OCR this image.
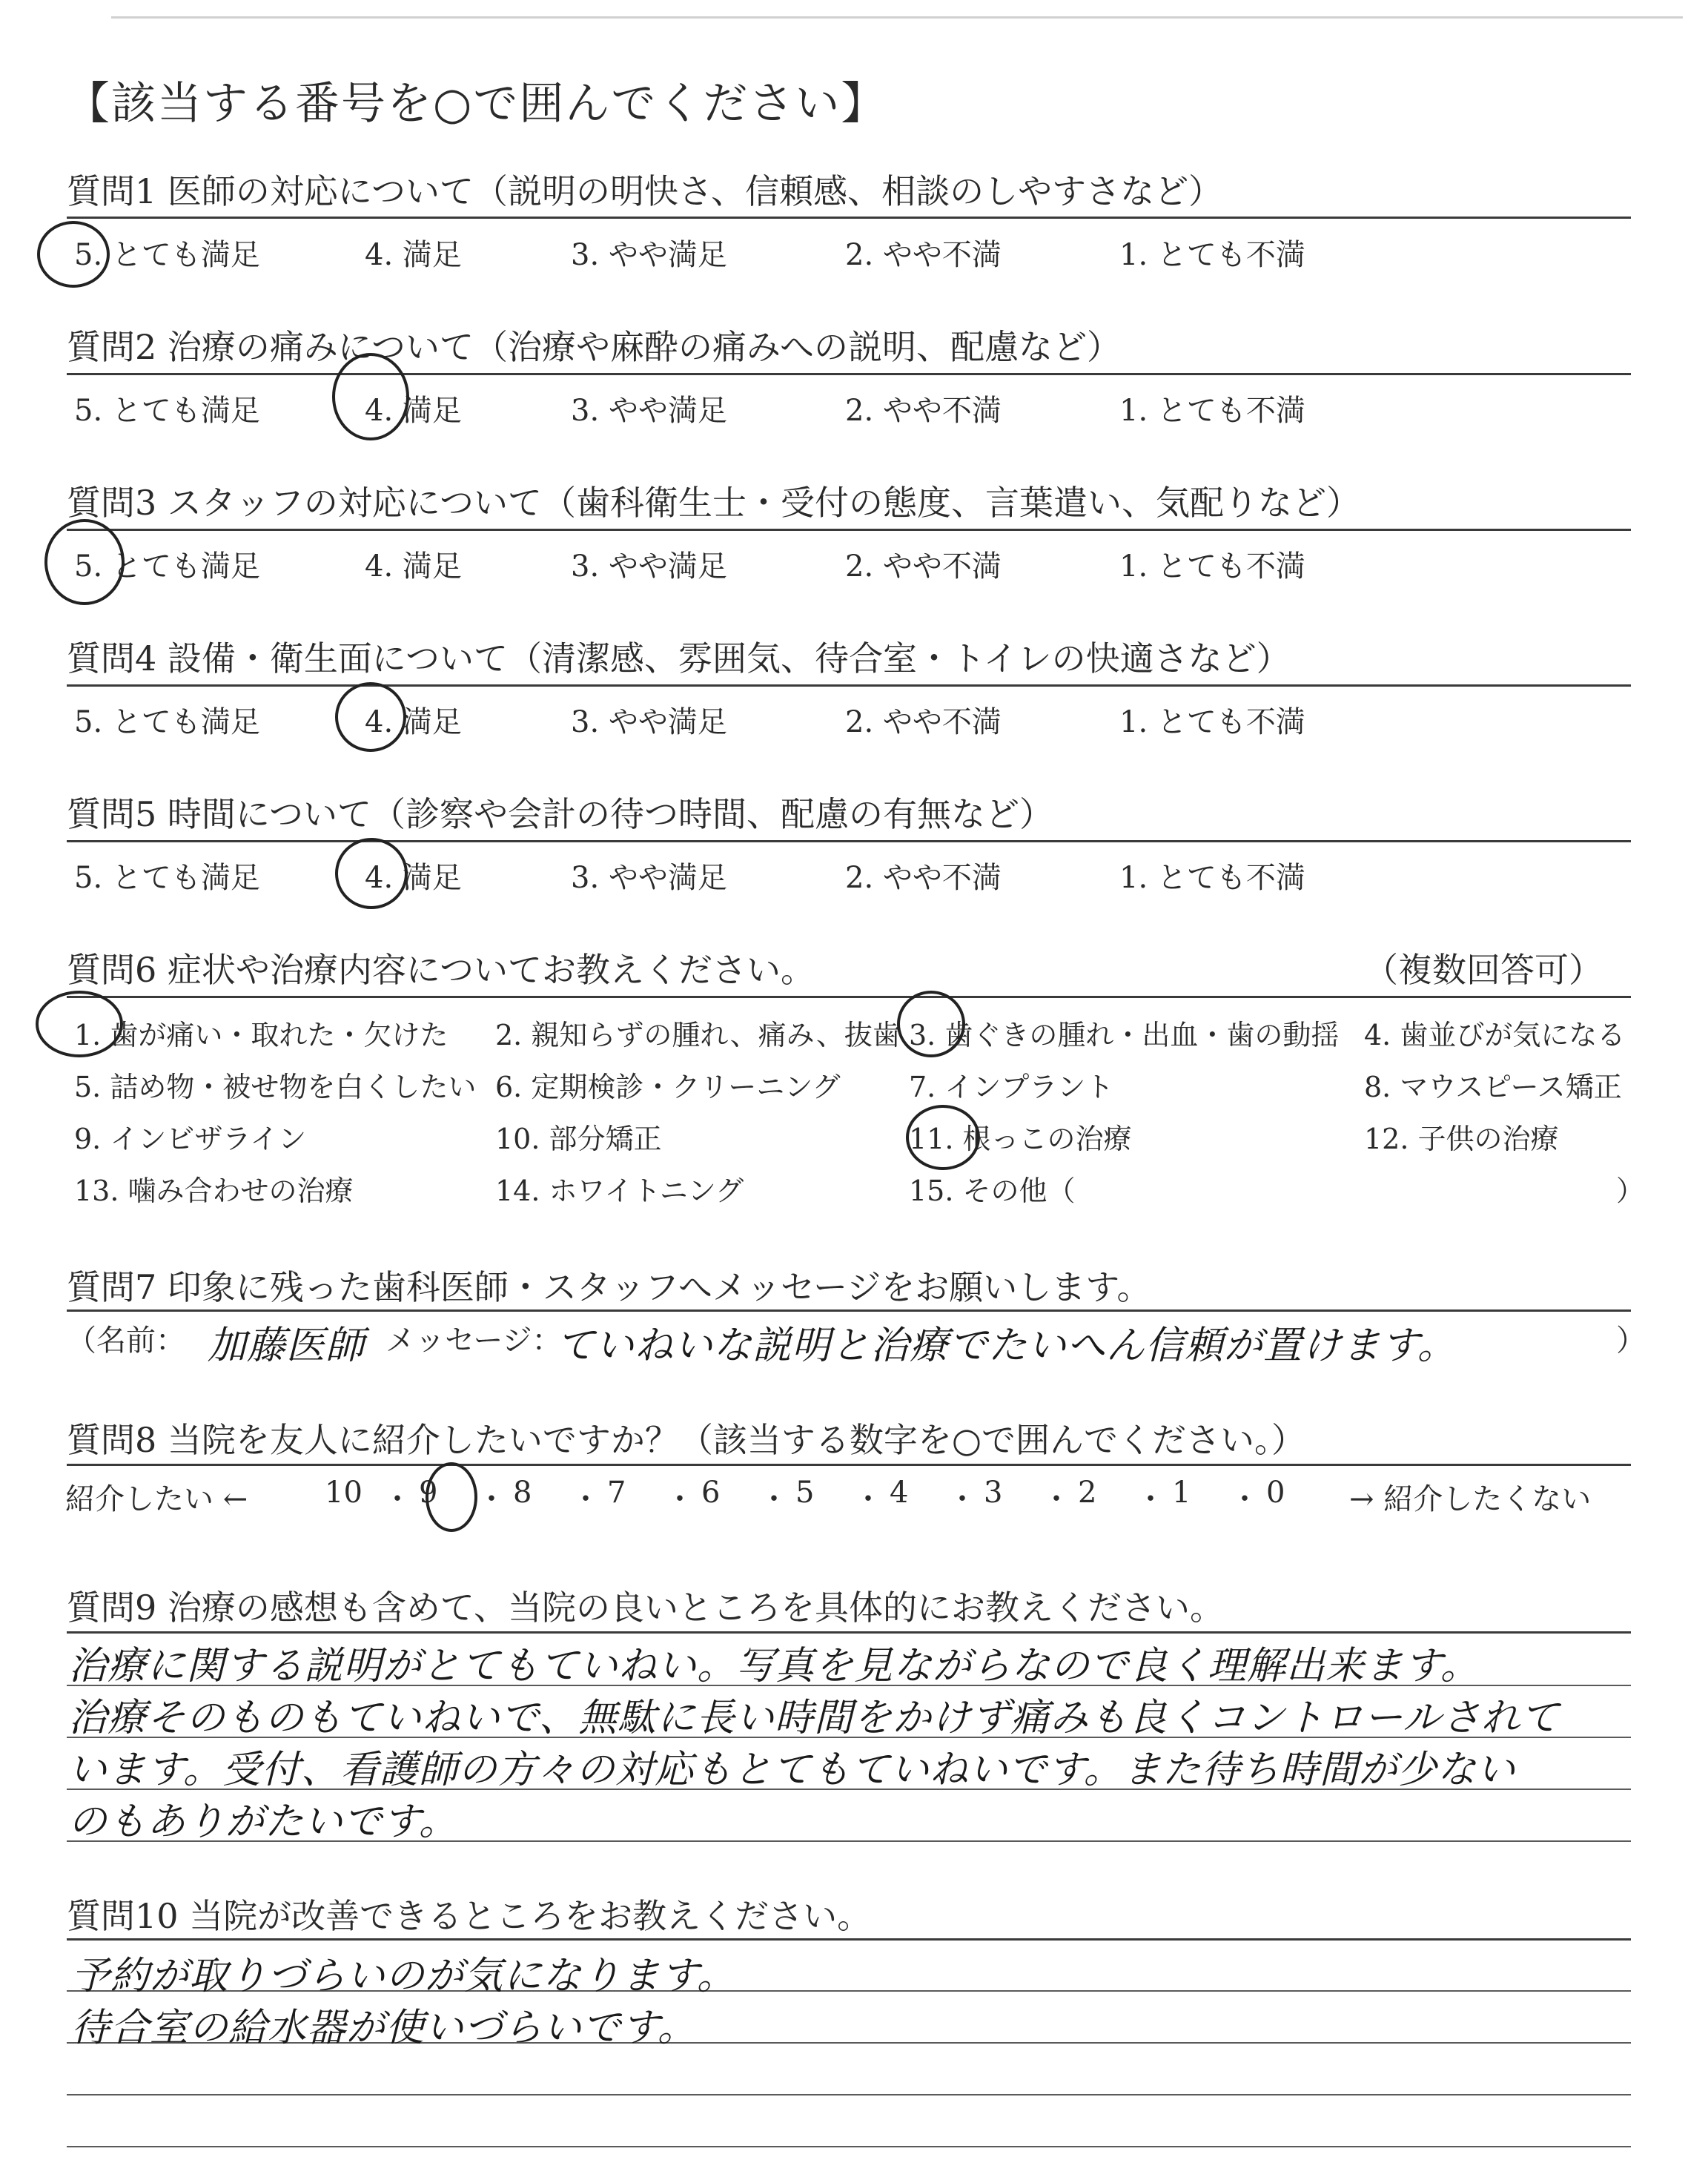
【該当する番号を○で囲んでください】
質問1 医師の対応について（説明の明快さ、信頼感、相談のしやすさなど）
5. とても満足	4. 満足	3. やや満足	2. やや不満	1. とても不満
質問2 治療の痛みについて（治療や麻酔の痛みへの説明、配慮など）
5. とても満足	4. 満足	3. やや満足	2. やや不満	1. とても不満
質問3 スタッフの対応について（歯科衛生士・受付の態度、言葉遣い、気配りなど）
5. とても満足	4. 満足	3. やや満足	2. やや不満	1. とても不満
質問4 設備・衛生面について（清潔感、雰囲気、待合室・トイレの快適さなど）
5. とても満足	4. 満足	3. やや満足	2. やや不満	1. とても不満
質問5 時間について（診察や会計の待つ時間、配慮の有無など）
5. とても満足	4. 満足	3. やや満足	2. やや不満	1. とても不満
質問6 症状や治療内容についてお教えください。	（複数回答可）
1. 歯が痛い・取れた・欠けた 2. 親知らずの腫れ、痛み、抜歯 3. 歯ぐきの腫れ・出血・歯の動揺 4. 歯並びが気になる
5. 詰め物・被せ物を白くしたい 6. 定期検診・クリーニング 7. インプラント	8. マウスピース矯正
9. インビザライン	10. 部分矯正	11. 根っこの治療	12. 子供の治療
13. 噛み合わせの治療	14. ホワイトニング	15. その他（	）
質問7 印象に残った歯科医師・スタッフへメッセージをお願いします。
（名前： 加藤医師 メッセージ：
ていねいな説明と治療でたいへん信頼が置けます。	）
質問8 当院を友人に紹介したいですか？（該当する数字を○で囲んでください。）
紹介したい ←	10 ・ 9 ・ 8 ・ 7 ・ 6 ・ 5 ・ 4 ・ 3 ・ 2 ・ 1 ・ 0 → 紹介したくない
質問9 治療の感想も含めて、当院の良いところを具体的にお教えください。
治療に関する説明がとてもていねい。写真を見ながらなので良く理解出来ます。
治療そのものもていねいで、無駄に長い時間をかけず痛みも良くコントロールされて
います。受付、看護師の方々の対応もとてもていねいです。また待ち時間が少ない
のもありがたいです。
質問10 当院が改善できるところをお教えください。
予約が取りづらいのが気になります。
待合室の給水器が使いづらいです。
